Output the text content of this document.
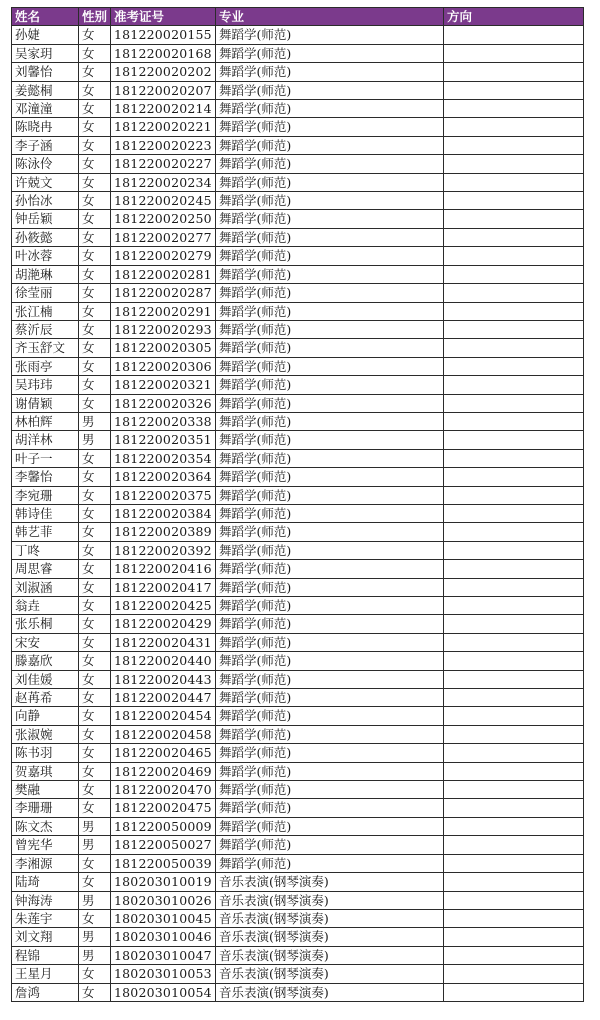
姓名	性别	准考证号	专业	方向
孙婕	女	181220020155	舞蹈学(师范)	
吴家玥	女	181220020168	舞蹈学(师范)	
刘馨怡	女	181220020202	舞蹈学(师范)	
姜懿桐	女	181220020207	舞蹈学(师范)	
邓潼潼	女	181220020214	舞蹈学(师范)	
陈晓冉	女	181220020221	舞蹈学(师范)	
李子涵	女	181220020223	舞蹈学(师范)	
陈泳伶	女	181220020227	舞蹈学(师范)	
许兢文	女	181220020234	舞蹈学(师范)	
孙怡冰	女	181220020245	舞蹈学(师范)	
钟岳颖	女	181220020250	舞蹈学(师范)	
孙筱懿	女	181220020277	舞蹈学(师范)	
叶冰蓉	女	181220020279	舞蹈学(师范)	
胡滟琳	女	181220020281	舞蹈学(师范)	
徐莹丽	女	181220020287	舞蹈学(师范)	
张江楠	女	181220020291	舞蹈学(师范)	
蔡沂辰	女	181220020293	舞蹈学(师范)	
齐玉舒文	女	181220020305	舞蹈学(师范)	
张雨亭	女	181220020306	舞蹈学(师范)	
吴玮玮	女	181220020321	舞蹈学(师范)	
谢倩颖	女	181220020326	舞蹈学(师范)	
林柏辉	男	181220020338	舞蹈学(师范)	
胡洋林	男	181220020351	舞蹈学(师范)	
叶子一	女	181220020354	舞蹈学(师范)	
李馨怡	女	181220020364	舞蹈学(师范)	
李宛珊	女	181220020375	舞蹈学(师范)	
韩诗佳	女	181220020384	舞蹈学(师范)	
韩艺菲	女	181220020389	舞蹈学(师范)	
丁咚	女	181220020392	舞蹈学(师范)	
周思睿	女	181220020416	舞蹈学(师范)	
刘淑涵	女	181220020417	舞蹈学(师范)	
翁垚	女	181220020425	舞蹈学(师范)	
张乐桐	女	181220020429	舞蹈学(师范)	
宋安	女	181220020431	舞蹈学(师范)	
滕嘉欣	女	181220020440	舞蹈学(师范)	
刘佳媛	女	181220020443	舞蹈学(师范)	
赵苒希	女	181220020447	舞蹈学(师范)	
向静	女	181220020454	舞蹈学(师范)	
张淑婉	女	181220020458	舞蹈学(师范)	
陈书羽	女	181220020465	舞蹈学(师范)	
贺嘉琪	女	181220020469	舞蹈学(师范)	
樊融	女	181220020470	舞蹈学(师范)	
李珊珊	女	181220020475	舞蹈学(师范)	
陈文杰	男	181220050009	舞蹈学(师范)	
曾宪华	男	181220050027	舞蹈学(师范)	
李湘源	女	181220050039	舞蹈学(师范)	
陆琦	女	180203010019	音乐表演(钢琴演奏)	
钟海涛	男	180203010026	音乐表演(钢琴演奏)	
朱莲宇	女	180203010045	音乐表演(钢琴演奏)	
刘文翔	男	180203010046	音乐表演(钢琴演奏)	
程锦	男	180203010047	音乐表演(钢琴演奏)	
王星月	女	180203010053	音乐表演(钢琴演奏)	
詹鸿	女	180203010054	音乐表演(钢琴演奏)	
